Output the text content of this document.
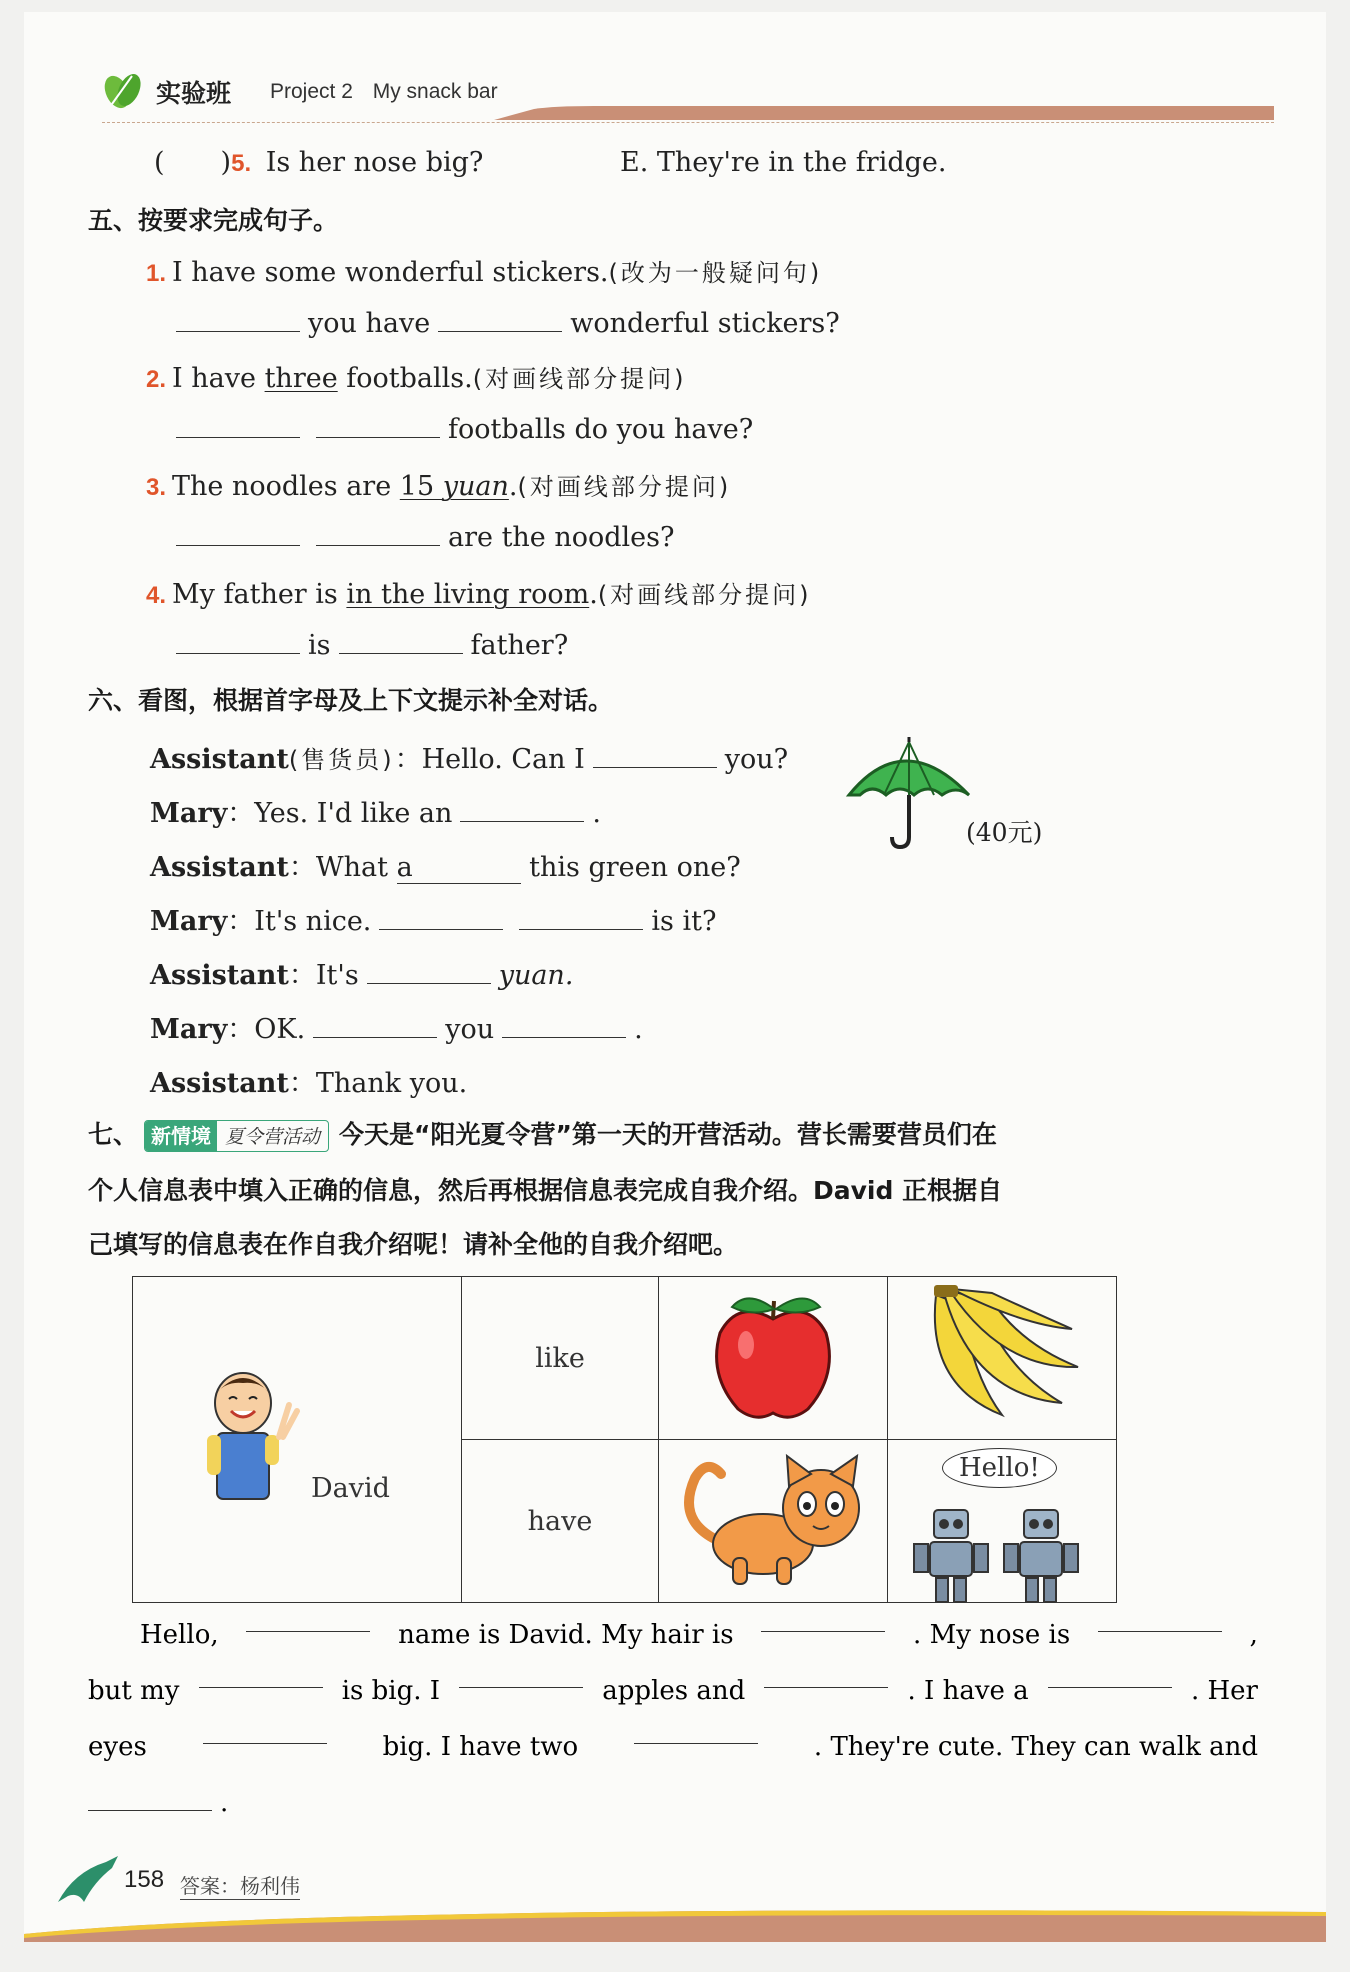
实验班 Project 2 My snack bar
( )5. Is her nose big?	E. They're in the fridge.
五、按要求完成句子。
1. I have some wonderful stickers.(改为一般疑问句)
you have	wonderful stickers?
2. I have three footballs.(对画线部分提问)
footballs do you have?
3. The noodles are 15 yuan.(对画线部分提问)
are the noodles?
4. My father is in the living room.(对画线部分提问)
is	father?
六、看图，根据首字母及上下文提示补全对话。
Assistant(售货员)：Hello. Can I	you?
Mary：Yes. I'd like an	.
Assistant：What a	this green one?
Mary：It's nice.	is it?
Assistant：It's	yuan.
Mary：OK.	you	.
Assistant：Thank you.
(40元)
七、 新情境 夏令营活动 今天是“阳光夏令营”第一天的开营活动。营长需要营员们在
个人信息表中填入正确的信息，然后再根据信息表完成自我介绍。David 正根据自
己填写的信息表在作自我介绍呢！请补全他的自我介绍吧。
David	like		
	have		Hello!
Hello,	name is David. My hair is	. My nose is	,
but my	is big. I	apples and	. I have a	. Her
eyes	big. I have two	. They're cute. They can walk and
.
158 答案：杨利伟
